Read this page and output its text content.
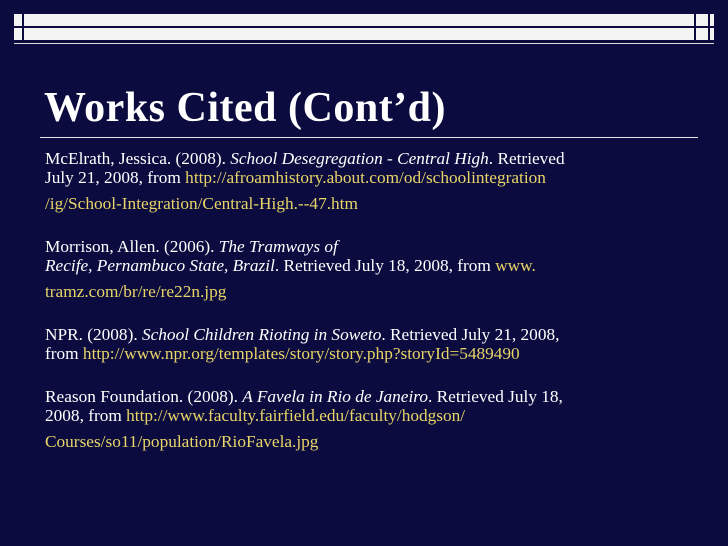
Works Cited (Cont’d)
McElrath, Jessica. (2008). School Desegregation - Central High. Retrieved
July 21, 2008, from http://afroamhistory.about.com/od/schoolintegration
/ig/School-Integration/Central-High.--47.htm
Morrison, Allen. (2006). The Tramways of
Recife, Pernambuco State, Brazil. Retrieved July 18, 2008, from www.
tramz.com/br/re/re22n.jpg
NPR. (2008). School Children Rioting in Soweto. Retrieved July 21, 2008,
from http://www.npr.org/templates/story/story.php?storyId=5489490
Reason Foundation. (2008). A Favela in Rio de Janeiro. Retrieved July 18,
2008, from http://www.faculty.fairfield.edu/faculty/hodgson/
Courses/so11/population/RioFavela.jpg
